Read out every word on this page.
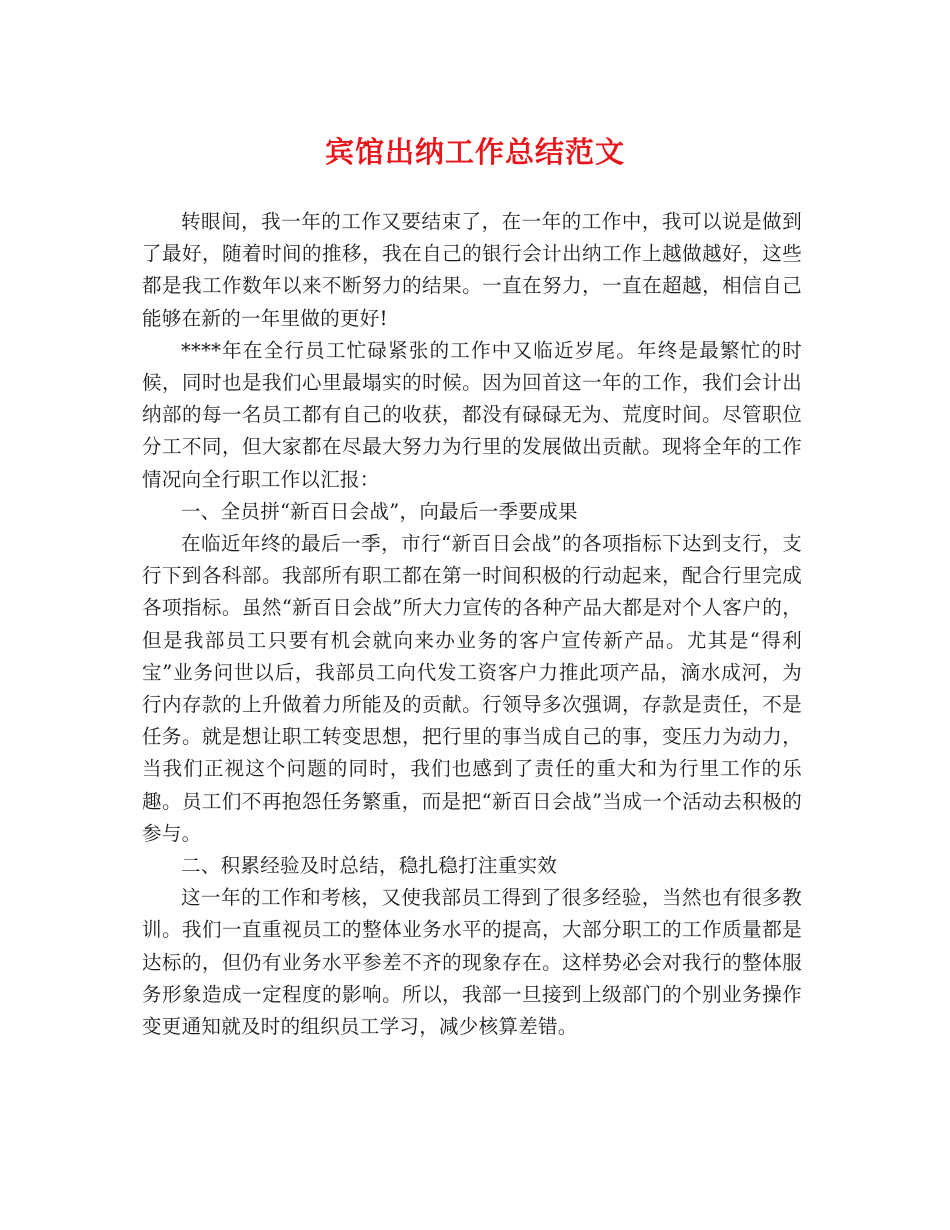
宾馆出纳工作总结范文

转眼间，我一年的工作又要结束了，在一年的工作中，我可以说是做到了最好，随着时间的推移，我在自己的银行会计出纳工作上越做越好，这些都是我工作数年以来不断努力的结果。一直在努力，一直在超越，相信自己能够在新的一年里做的更好!

****年在全行员工忙碌紧张的工作中又临近岁尾。年终是最繁忙的时候，同时也是我们心里最塌实的时候。因为回首这一年的工作，我们会计出纳部的每一名员工都有自己的收获，都没有碌碌无为、荒度时间。尽管职位分工不同，但大家都在尽最大努力为行里的发展做出贡献。现将全年的工作情况向全行职工作以汇报：

一、全员拼“新百日会战”，向最后一季要成果

在临近年终的最后一季，市行“新百日会战”的各项指标下达到支行，支行下到各科部。我部所有职工都在第一时间积极的行动起来，配合行里完成各项指标。虽然“新百日会战”所大力宣传的各种产品大都是对个人客户的，但是我部员工只要有机会就向来办业务的客户宣传新产品。尤其是“得利宝”业务问世以后，我部员工向代发工资客户力推此项产品，滴水成河，为行内存款的上升做着力所能及的贡献。行领导多次强调，存款是责任，不是任务。就是想让职工转变思想，把行里的事当成自己的事，变压力为动力，当我们正视这个问题的同时，我们也感到了责任的重大和为行里工作的乐趣。员工们不再抱怨任务繁重，而是把“新百日会战”当成一个活动去积极的参与。

二、积累经验及时总结，稳扎稳打注重实效

这一年的工作和考核，又使我部员工得到了很多经验，当然也有很多教训。我们一直重视员工的整体业务水平的提高，大部分职工的工作质量都是达标的，但仍有业务水平参差不齐的现象存在。这样势必会对我行的整体服务形象造成一定程度的影响。所以，我部一旦接到上级部门的个别业务操作变更通知就及时的组织员工学习，减少核算差错。
